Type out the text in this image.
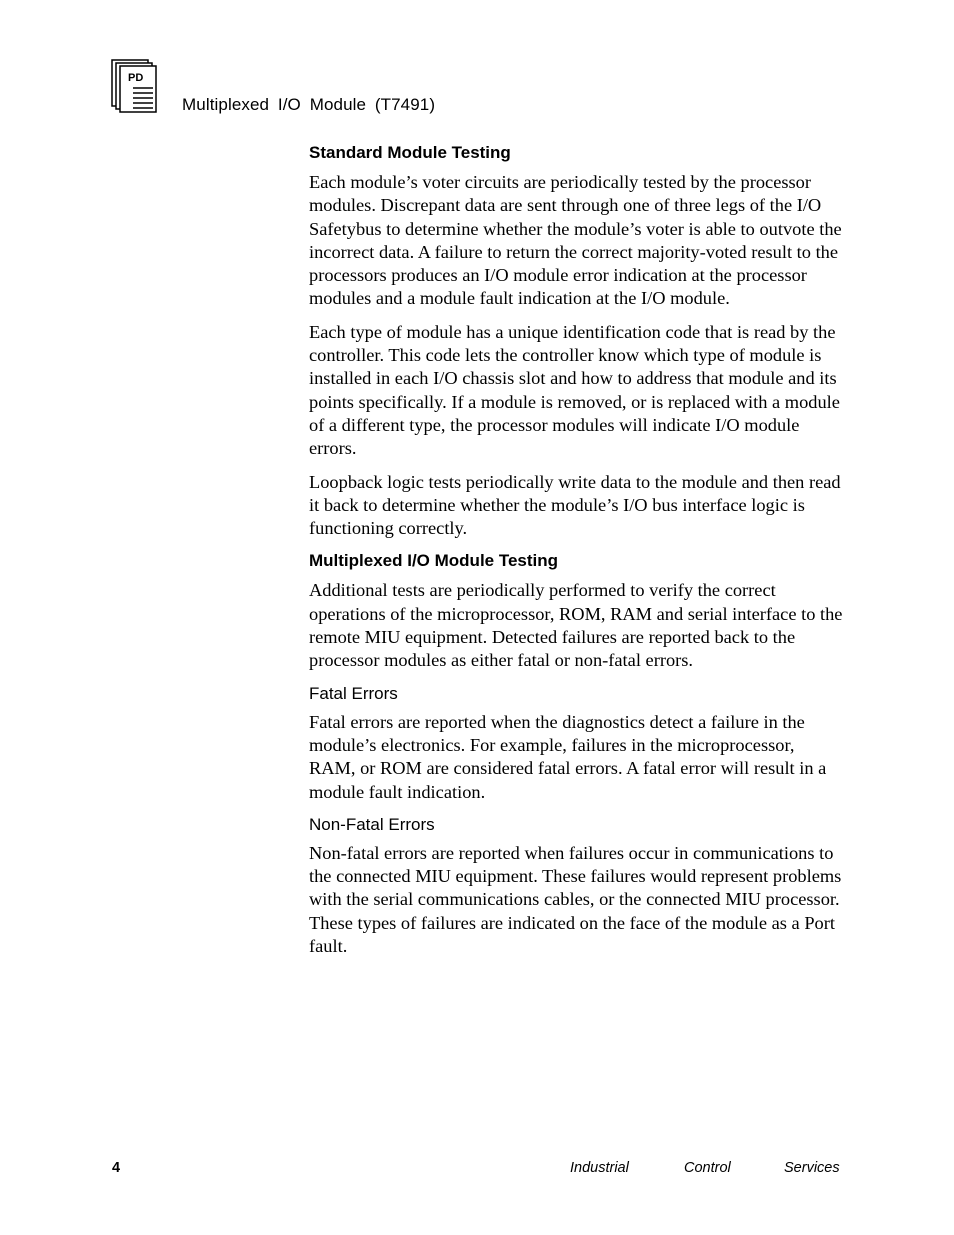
PD
Multiplexed I/O Module (T7491)
Standard Module Testing

Each module’s voter circuits are periodically tested by the processor modules. Discrepant data are sent through one of three legs of the I/O Safetybus to determine whether the module’s voter is able to outvote the incorrect data. A failure to return the correct majority-voted result to the processors produces an I/O module error indication at the processor modules and a module fault indication at the I/O module.

Each type of module has a unique identification code that is read by the controller. This code lets the controller know which type of module is installed in each I/O chassis slot and how to address that module and its points specifically. If a module is removed, or is replaced with a module of a different type, the processor modules will indicate I/O module errors.

Loopback logic tests periodically write data to the module and then read it back to determine whether the module’s I/O bus interface logic is functioning correctly.

Multiplexed I/O Module Testing

Additional tests are periodically performed to verify the correct operations of the microprocessor, ROM, RAM and serial interface to the remote MIU equipment. Detected failures are reported back to the processor modules as either fatal or non-fatal errors.

Fatal Errors

Fatal errors are reported when the diagnostics detect a failure in the module’s electronics. For example, failures in the microprocessor, RAM, or ROM are considered fatal errors. A fatal error will result in a module fault indication.

Non-Fatal Errors

Non-fatal errors are reported when failures occur in communications to the connected MIU equipment. These failures would represent problems with the serial communications cables, or the connected MIU processor. These types of failures are indicated on the face of the module as a Port fault.

4	Industrial	Control	Services
